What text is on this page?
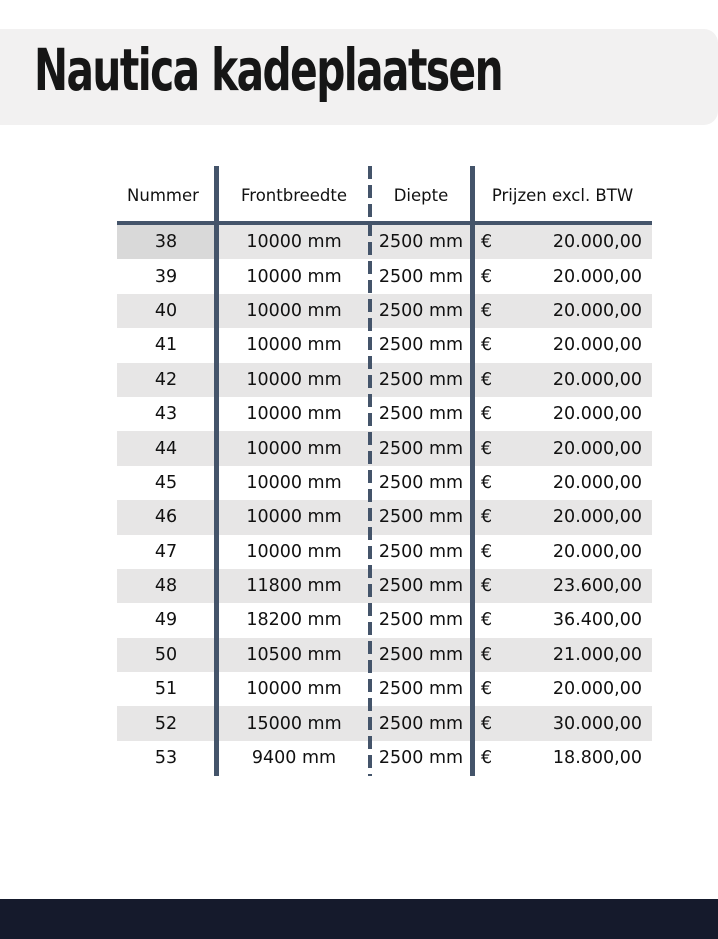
Nautica kadeplaatsen
Nummer	Frontbreedte	Diepte	Prijzen excl. BTW
38	10000 mm	2500 mm	€	20.000,00
39	10000 mm	2500 mm	€	20.000,00
40	10000 mm	2500 mm	€	20.000,00
41	10000 mm	2500 mm	€	20.000,00
42	10000 mm	2500 mm	€	20.000,00
43	10000 mm	2500 mm	€	20.000,00
44	10000 mm	2500 mm	€	20.000,00
45	10000 mm	2500 mm	€	20.000,00
46	10000 mm	2500 mm	€	20.000,00
47	10000 mm	2500 mm	€	20.000,00
48	11800 mm	2500 mm	€	23.600,00
49	18200 mm	2500 mm	€	36.400,00
50	10500 mm	2500 mm	€	21.000,00
51	10000 mm	2500 mm	€	20.000,00
52	15000 mm	2500 mm	€	30.000,00
53	9400 mm	2500 mm	€	18.800,00
